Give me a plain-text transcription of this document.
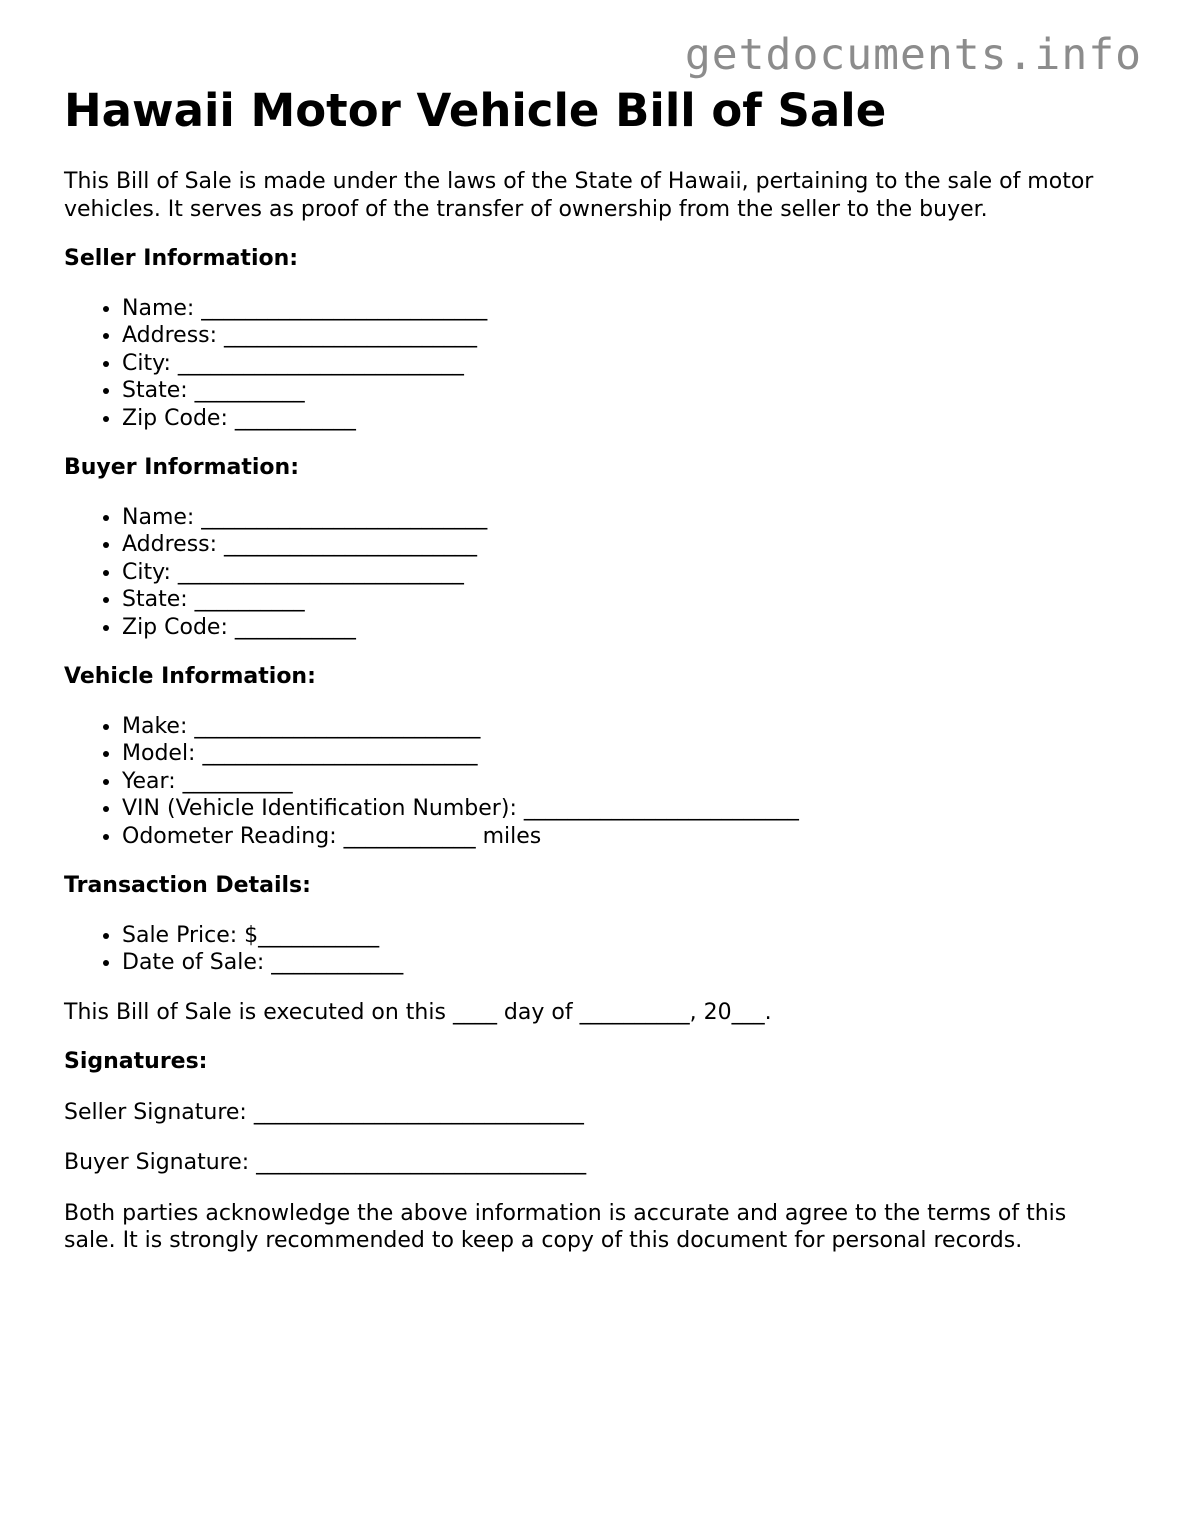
getdocuments.info
Hawaii Motor Vehicle Bill of Sale

This Bill of Sale is made under the laws of the State of Hawaii, pertaining to the sale of motor vehicles. It serves as proof of the transfer of ownership from the seller to the buyer.

Seller Information:
• Name: __________________________
• Address: _______________________
• City: __________________________
• State: __________
• Zip Code: ___________
Buyer Information:
• Name: __________________________
• Address: _______________________
• City: __________________________
• State: __________
• Zip Code: ___________
Vehicle Information:
• Make: __________________________
• Model: _________________________
• Year: __________
• VIN (Vehicle Identification Number): _________________________
• Odometer Reading: ____________ miles
Transaction Details:
• Sale Price: $___________
• Date of Sale: ____________

This Bill of Sale is executed on this ____ day of __________, 20___.

Signatures:

Seller Signature: ______________________________

Buyer Signature: ______________________________

Both parties acknowledge the above information is accurate and agree to the terms of this sale. It is strongly recommended to keep a copy of this document for personal records.
